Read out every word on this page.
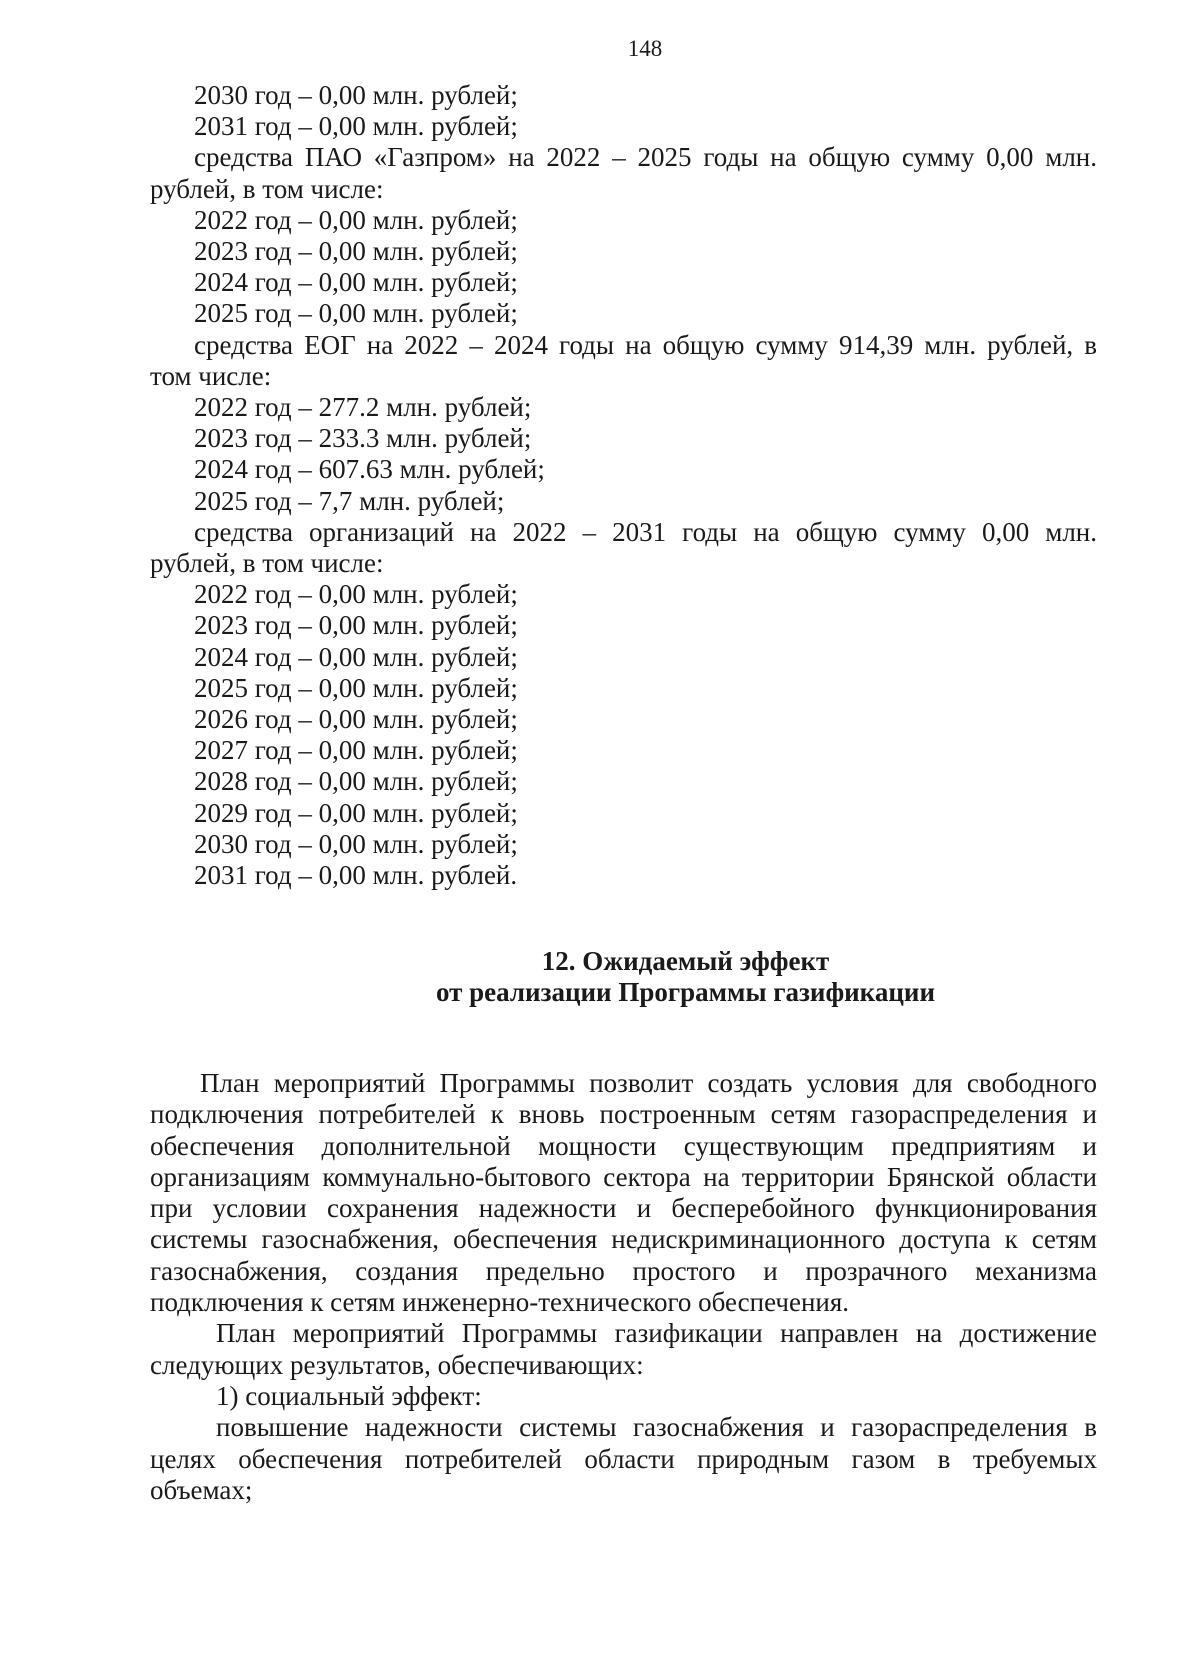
148
2030 год – 0,00 млн. рублей;
2031 год – 0,00 млн. рублей;
средства ПАО «Газпром» на 2022 – 2025 годы на общую сумму 0,00 млн.
рублей, в том числе:
2022 год – 0,00 млн. рублей;
2023 год – 0,00 млн. рублей;
2024 год – 0,00 млн. рублей;
2025 год – 0,00 млн. рублей;
средства ЕОГ на 2022 – 2024 годы на общую сумму 914,39 млн. рублей, в
том числе:
2022 год – 277.2 млн. рублей;
2023 год – 233.3 млн. рублей;
2024 год – 607.63 млн. рублей;
2025 год – 7,7 млн. рублей;
средства организаций на 2022 – 2031 годы на общую сумму 0,00 млн.
рублей, в том числе:
2022 год – 0,00 млн. рублей;
2023 год – 0,00 млн. рублей;
2024 год – 0,00 млн. рублей;
2025 год – 0,00 млн. рублей;
2026 год – 0,00 млн. рублей;
2027 год – 0,00 млн. рублей;
2028 год – 0,00 млн. рублей;
2029 год – 0,00 млн. рублей;
2030 год – 0,00 млн. рублей;
2031 год – 0,00 млн. рублей.
12. Ожидаемый эффект
от реализации Программы газификации
План мероприятий Программы позволит создать условия для свободного
подключения потребителей к вновь построенным сетям газораспределения и
обеспечения дополнительной мощности существующим предприятиям и
организациям коммунально-бытового сектора на территории Брянской области
при условии сохранения надежности и бесперебойного функционирования
системы газоснабжения, обеспечения недискриминационного доступа к сетям
газоснабжения, создания предельно простого и прозрачного механизма
подключения к сетям инженерно-технического обеспечения.
План мероприятий Программы газификации направлен на достижение
следующих результатов, обеспечивающих:
1) социальный эффект:
повышение надежности системы газоснабжения и газораспределения в
целях обеспечения потребителей области природным газом в требуемых
объемах;
